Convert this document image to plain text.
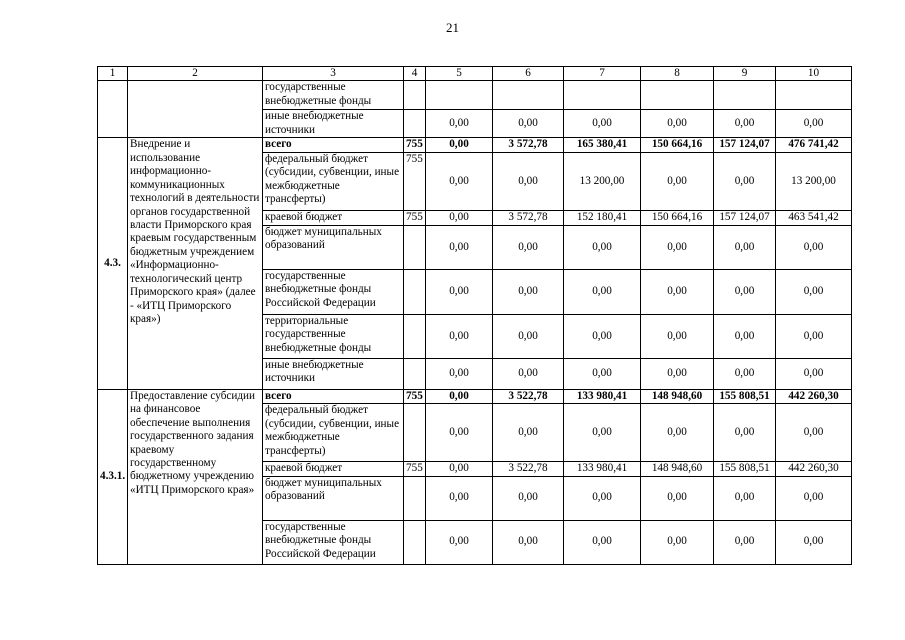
21
1	2	3	4	5	6	7	8	9	10
		государственные внебюджетные фонды							
		иные внебюджетные источники		0,00	0,00	0,00	0,00	0,00	0,00
4.3.	Внедрение и использование информационно-коммуникационных технологий в деятельности органов государственной власти Приморского края краевым государственным бюджетным учреждением «Информационно-технологический центр Приморского края» (далее - «ИТЦ Приморского края»)	всего	755	0,00	3 572,78	165 380,41	150 664,16	157 124,07	476 741,42
		федеральный бюджет (субсидии, субвенции, иные межбюджетные трансферты)	755	0,00	0,00	13 200,00	0,00	0,00	13 200,00
		краевой бюджет	755	0,00	3 572,78	152 180,41	150 664,16	157 124,07	463 541,42
		бюджет муниципальных образований		0,00	0,00	0,00	0,00	0,00	0,00
		государственные внебюджетные фонды Российской Федерации		0,00	0,00	0,00	0,00	0,00	0,00
		территориальные государственные внебюджетные фонды		0,00	0,00	0,00	0,00	0,00	0,00
		иные внебюджетные источники		0,00	0,00	0,00	0,00	0,00	0,00
4.3.1.	Предоставление субсидии на финансовое обеспечение выполнения государственного задания краевому государственному бюджетному учреждению «ИТЦ Приморского края»	всего	755	0,00	3 522,78	133 980,41	148 948,60	155 808,51	442 260,30
		федеральный бюджет (субсидии, субвенции, иные межбюджетные трансферты)		0,00	0,00	0,00	0,00	0,00	0,00
		краевой бюджет	755	0,00	3 522,78	133 980,41	148 948,60	155 808,51	442 260,30
		бюджет муниципальных образований		0,00	0,00	0,00	0,00	0,00	0,00
		государственные внебюджетные фонды Российской Федерации		0,00	0,00	0,00	0,00	0,00	0,00
